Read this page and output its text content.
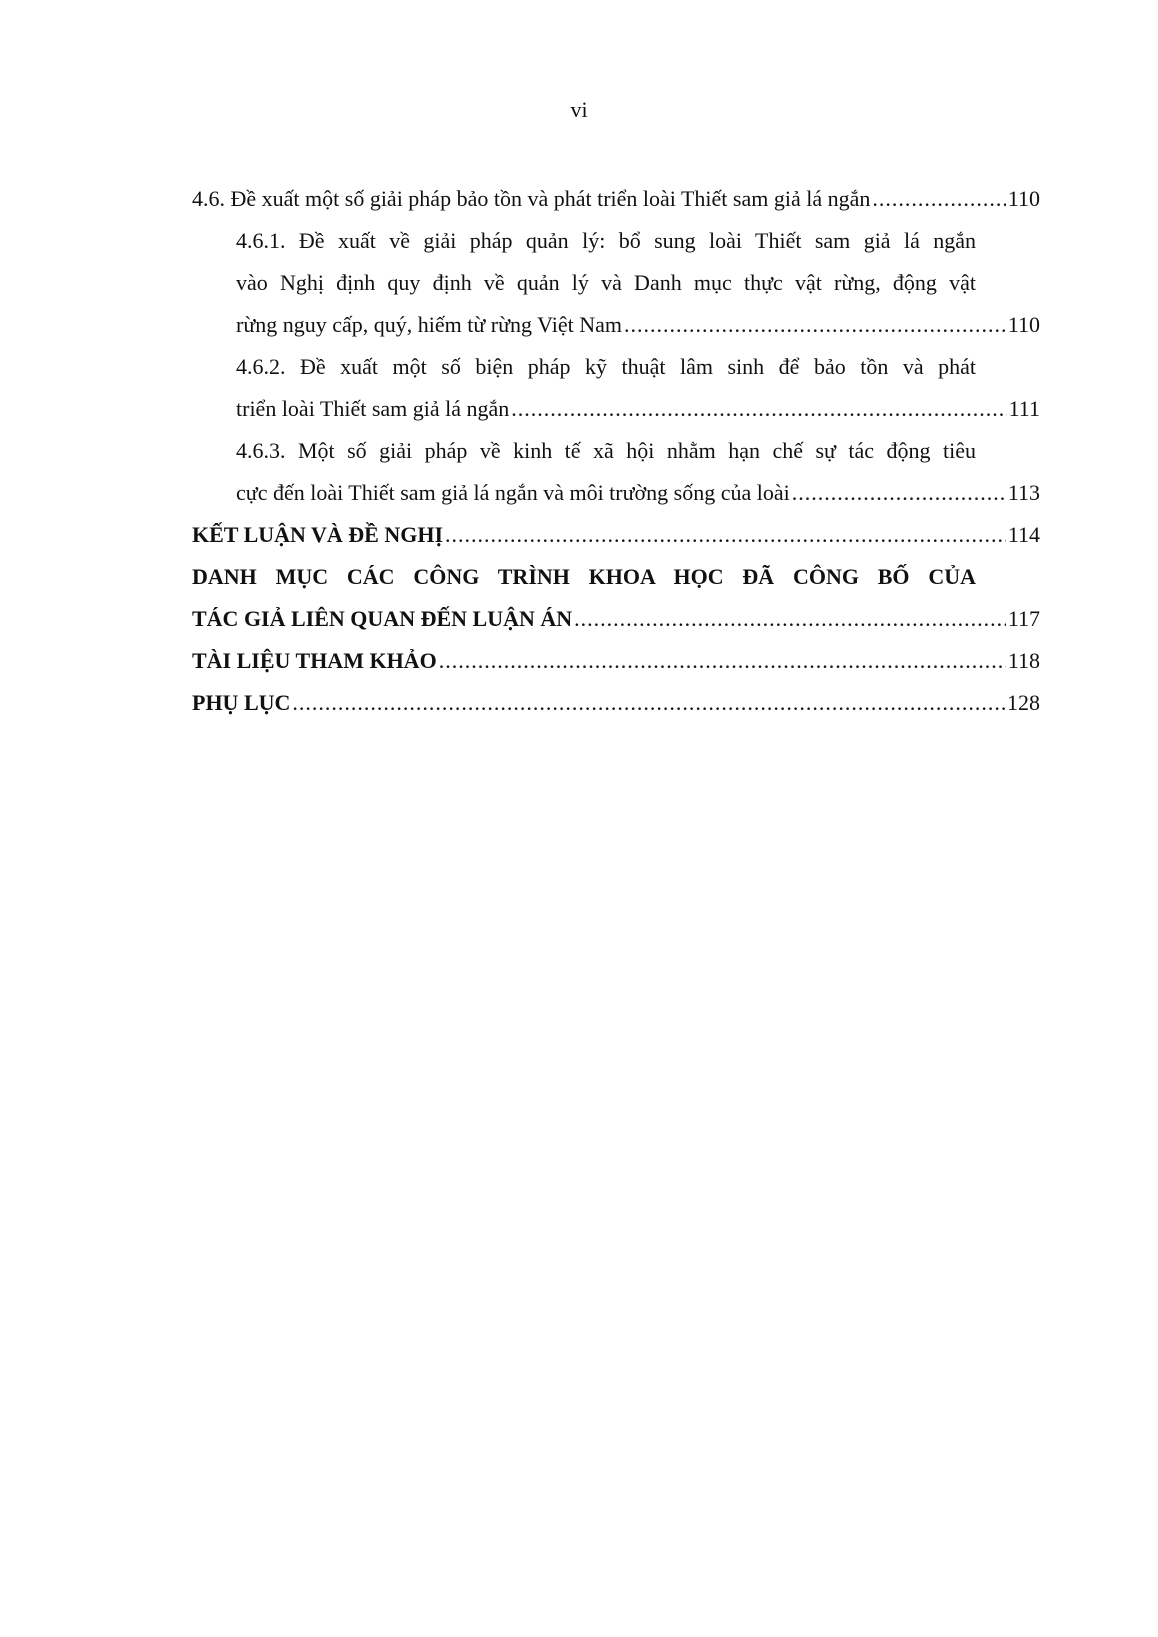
vi
4.6. Đề xuất một số giải pháp bảo tồn và phát triển loài Thiết sam giả lá ngắn .....	110
4.6.1. Đề xuất về giải pháp quản lý: bổ sung loài Thiết sam giả lá ngắn
vào Nghị định quy định về quản lý và Danh mục thực vật rừng, động vật
rừng nguy cấp, quý, hiếm từ rừng Việt Nam .....	110
4.6.2. Đề xuất một số biện pháp kỹ thuật lâm sinh để bảo tồn và phát
triển loài Thiết sam giả lá ngắn .....	111
4.6.3. Một số giải pháp về kinh tế xã hội nhằm hạn chế sự tác động tiêu
cực đến loài Thiết sam giả lá ngắn và môi trường sống của loài .....	113
KẾT LUẬN VÀ ĐỀ NGHỊ .....	114
DANH MỤC CÁC CÔNG TRÌNH KHOA HỌC ĐÃ CÔNG BỐ CỦA
TÁC GIẢ LIÊN QUAN ĐẾN LUẬN ÁN .....	117
TÀI LIỆU THAM KHẢO .....	118
PHỤ LỤC .....	128
